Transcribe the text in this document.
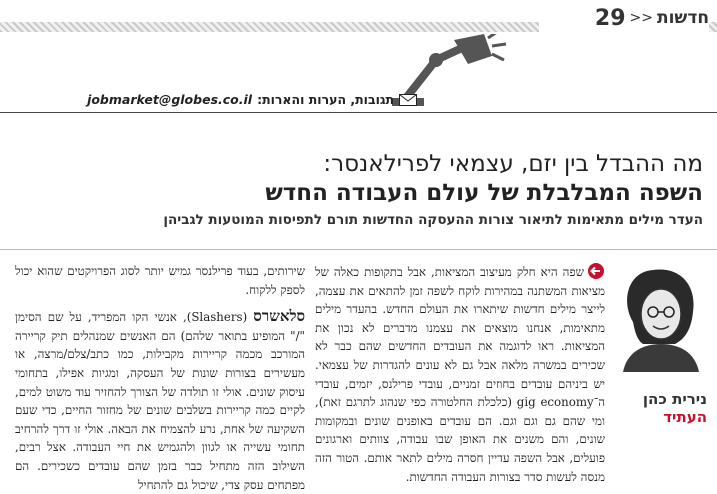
חדשות
<<
29
תגובות, הערות והארות:
jobmarket@globes.co.il
מה ההבדל בין יזם, עצמאי לפרילאנסר:
השפה המבלבלת של עולם העבודה החדש
העדר מילים מתאימות לתיאור צורות ההעסקה החדשות תורם לתפיסות המוטעות לגביהן
נירית כהן
העתיד

שפה היא חלק מעיצוב המציאות, אבל בתקופות כאלה של מציאות המשתנה במהירות לוקח לשפה זמן להתאים את עצמה, לייצר מילים חדשות שיתארו את העולם החדש. בהעדר מילים מתאימות, אנחנו מוצאים את עצמנו מדברים לא נכון את המציאות. ראו לדוגמה את העובדים החדשים שהם כבר לא שכירים במשרה מלאה אבל גם לא עונים להגדרות של עצמאי. יש ביניהם עובדים בחוזים זמניים, עובדי פרילנס, יזמים, עובדי ה־gig economy (כלכלת החלטורה כפי שנהוג לתרגם זאת), ומי שהם גם וגם וגם. הם עובדים באופנים שונים ובמקומות שונים, והם משנים את האופן שבו עבודה, צוותים וארגונים פועלים, אבל השפה עדיין חסרה מילים לתאר אותם. הטור הזה מנסה לעשות סדר בצורות העבודה החדשות.

שירותים, בעוד פרילנסר גמיש יותר לסוג הפרויקטים שהוא יכול לספק ללקוח.

סלאשרס (Slashers), אנשי הקו המפריד, על שם הסימן "/" המופיע בתואר שלהם) הם האנשים שמנהלים תיק קריירה המורכב מכמה קריירות מקבילות, כמו כתב/צלם/מרצה, או מעשירים בצורות שונות של העסקה, ומגיות אפילו, בתחומי עיסוק שונים. אולי זו תולדה של הצורך להחזיר עוד משוט למים, לקיים כמה קריירות בשלבים שונים של מחזור החיים, כדי שעם השקיעה של אחת, נרע להצמיח את הבאה. אולי זו דרך להרחיב תחומי עשייה או לגוון ולהגמיש את חיי העבודה. אצל רבים, השילוב הזה מתחיל כבר בזמן שהם עובדים כשכירים. הם מפתחים עסק צדי, שיכול גם להתחיל
